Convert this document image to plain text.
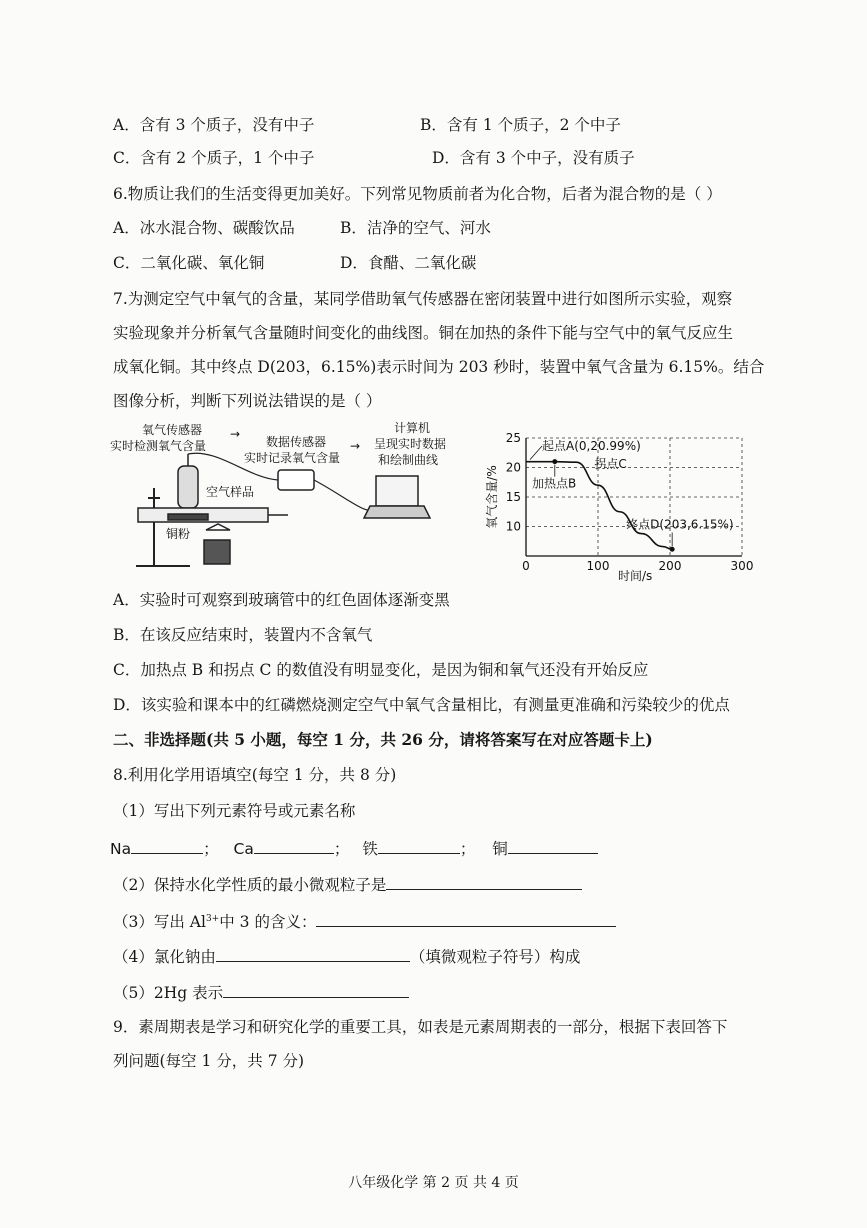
A．含有 3 个质子，没有中子	B．含有 1 个质子，2 个中子
C．含有 2 个质子，1 个中子	D．含有 3 个中子，没有质子
6.物质让我们的生活变得更加美好。下列常见物质前者为化合物，后者为混合物的是（ ）
A．冰水混合物、碳酸饮品	B．洁净的空气、河水
C．二氧化碳、氧化铜	D．食醋、二氧化碳
7.为测定空气中氧气的含量，某同学借助氧气传感器在密闭装置中进行如图所示实验，观察
实验现象并分析氧气含量随时间变化的曲线图。铜在加热的条件下能与空气中的氧气反应生
成氧化铜。其中终点 D(203，6.15%)表示时间为 203 秒时，装置中氧气含量为 6.15%。结合
图像分析，判断下列说法错误的是（ ）
氧气传感器
实时检测氧气含量
→
数据传感器
实时记录氧气含量
→
计算机
呈现实时数据
和绘制曲线
空气样品
铜粉
0	100	200	300
10
15
20
25
起点A(0,20.99%)
拐点C
加热点B
终点D(203,6.15%)
氧气含量/%
时间/s
A．实验时可观察到玻璃管中的红色固体逐渐变黑
B．在该反应结束时，装置内不含氧气
C．加热点 B 和拐点 C 的数值没有明显变化，是因为铜和氧气还没有开始反应
D．该实验和课本中的红磷燃烧测定空气中氧气含量相比，有测量更准确和污染较少的优点
二、非选择题(共 5 小题，每空 1 分，共 26 分，请将答案写在对应答题卡上)
8.利用化学用语填空(每空 1 分，共 8 分)
（1）写出下列元素符号或元素名称
Na	； Ca	； 铁	； 铜
（2）保持水化学性质的最小微观粒子是
（3）写出 $Al^{3+}$中 3 的含义：
（4）氯化钠由	（填微观粒子符号）构成
（5）2Hg 表示
9．素周期表是学习和研究化学的重要工具，如表是元素周期表的一部分，根据下表回答下
列问题(每空 1 分，共 7 分)
八年级化学 第 2 页 共 4 页
